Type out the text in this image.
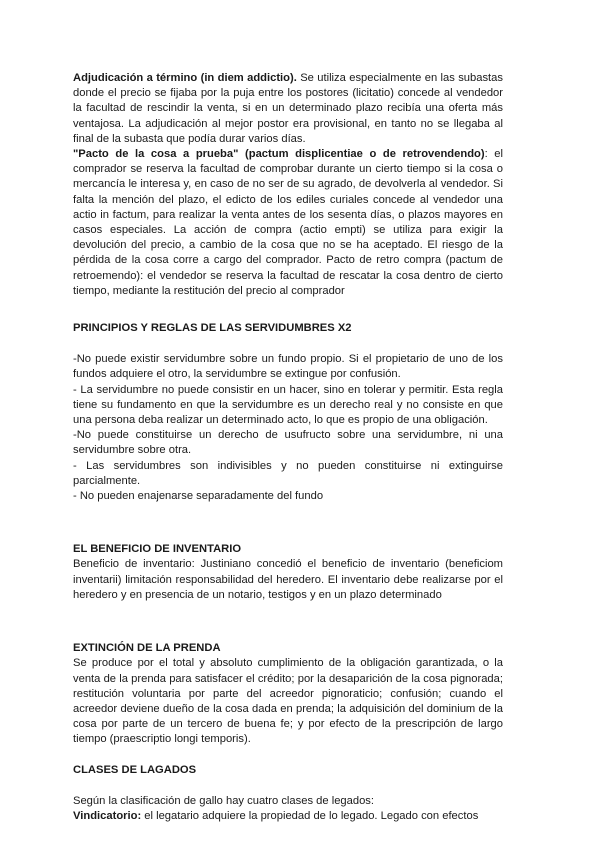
Adjudicación a término (in diem addictio). Se utiliza especialmente en las subastas donde el precio se fijaba por la puja entre los postores (licitatio) concede al vendedor la facultad de rescindir la venta, si en un determinado plazo recibía una oferta más ventajosa. La adjudicación al mejor postor era provisional, en tanto no se llegaba al final de la subasta que podía durar varios días.

"Pacto de la cosa a prueba" (pactum displicentiae o de retrovendendo): el comprador se reserva la facultad de comprobar durante un cierto tiempo si la cosa o mercancía le interesa y, en caso de no ser de su agrado, de devolverla al vendedor. Si falta la mención del plazo, el edicto de los ediles curiales concede al vendedor una actio in factum, para realizar la venta antes de los sesenta días, o plazos mayores en casos especiales. La acción de compra (actio empti) se utiliza para exigir la devolución del precio, a cambio de la cosa que no se ha aceptado. El riesgo de la pérdida de la cosa corre a cargo del comprador. Pacto de retro compra (pactum de retroemendo): el vendedor se reserva la facultad de rescatar la cosa dentro de cierto tiempo, mediante la restitución del precio al comprador

PRINCIPIOS Y REGLAS DE LAS SERVIDUMBRES X2

-No puede existir servidumbre sobre un fundo propio. Si el propietario de uno de los fundos adquiere el otro, la servidumbre se extingue por confusión.

- La servidumbre no puede consistir en un hacer, sino en tolerar y permitir. Esta regla tiene su fundamento en que la servidumbre es un derecho real y no consiste en que una persona deba realizar un determinado acto, lo que es propio de una obligación.

-No puede constituirse un derecho de usufructo sobre una servidumbre, ni una servidumbre sobre otra.

- Las servidumbres son indivisibles y no pueden constituirse ni extinguirse parcialmente.

- No pueden enajenarse separadamente del fundo

EL BENEFICIO DE INVENTARIO

Beneficio de inventario: Justiniano concedió el beneficio de inventario (beneficiom inventarii) limitación responsabilidad del heredero. El inventario debe realizarse por el heredero y en presencia de un notario, testigos y en un plazo determinado

EXTINCIÓN DE LA PRENDA

Se produce por el total y absoluto cumplimiento de la obligación garantizada, o la venta de la prenda para satisfacer el crédito; por la desaparición de la cosa pignorada; restitución voluntaria por parte del acreedor pignoraticio; confusión; cuando el acreedor deviene dueño de la cosa dada en prenda; la adquisición del dominium de la cosa por parte de un tercero de buena fe; y por efecto de la prescripción de largo tiempo (praescriptio longi temporis).

CLASES DE LAGADOS

Según la clasificación de gallo hay cuatro clases de legados:

Vindicatorio: el legatario adquiere la propiedad de lo legado. Legado con efectos
